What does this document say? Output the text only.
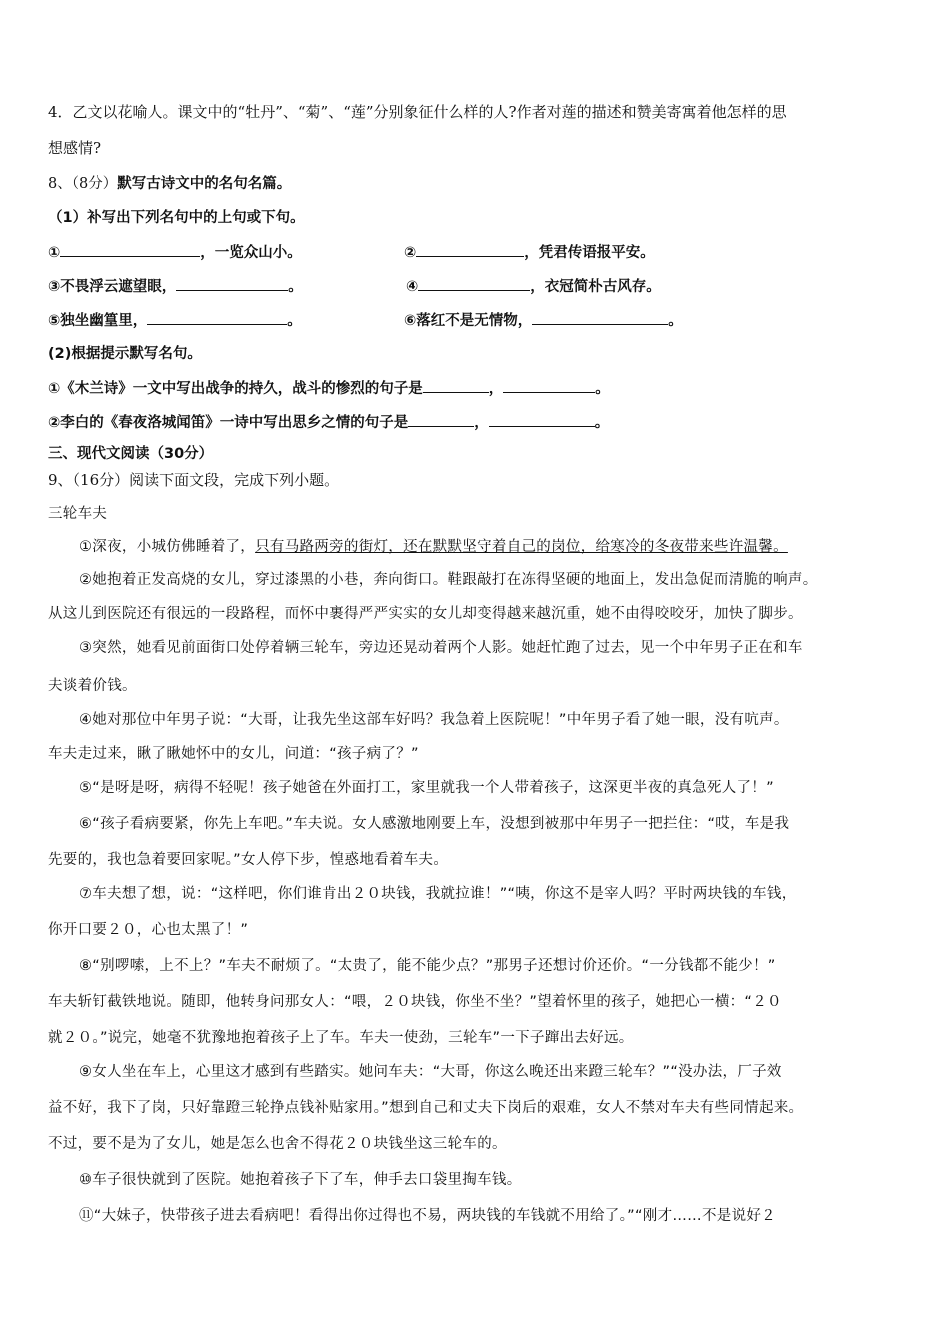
4．乙文以花喻人。课文中的“牡丹”、“菊”、“莲”分别象征什么样的人?作者对莲的描述和赞美寄寓着他怎样的思
想感情?
8、（8分）默写古诗文中的名句名篇。
（1）补写出下列名句中的上句或下句。
①	，一览众山小。	②	，凭君传语报平安。
③不畏浮云遮望眼，	。	④	，衣冠简朴古风存。
⑤独坐幽篁里，	。	⑥落红不是无情物，	。
(2)根据提示默写名句。
①《木兰诗》一文中写出战争的持久，战斗的惨烈的句子是	，	。
②李白的《春夜洛城闻笛》一诗中写出思乡之情的句子是	，	。
三、现代文阅读（30分）
9、（16分）阅读下面文段，完成下列小题。
三轮车夫
①深夜，小城仿佛睡着了，只有马路两旁的街灯，还在默默坚守着自己的岗位，给寒冷的冬夜带来些许温馨。
②她抱着正发高烧的女儿，穿过漆黑的小巷，奔向街口。鞋跟敲打在冻得坚硬的地面上，发出急促而清脆的响声。
从这儿到医院还有很远的一段路程，而怀中裹得严严实实的女儿却变得越来越沉重，她不由得咬咬牙，加快了脚步。
③突然，她看见前面街口处停着辆三轮车，旁边还晃动着两个人影。她赶忙跑了过去，见一个中年男子正在和车
夫谈着价钱。
④她对那位中年男子说：“大哥，让我先坐这部车好吗？我急着上医院呢！”中年男子看了她一眼，没有吭声。
车夫走过来，瞅了瞅她怀中的女儿，问道：“孩子病了？”
⑤“是呀是呀，病得不轻呢！孩子她爸在外面打工，家里就我一个人带着孩子，这深更半夜的真急死人了！”
⑥“孩子看病要紧，你先上车吧。”车夫说。女人感激地刚要上车，没想到被那中年男子一把拦住：“哎，车是我
先要的，我也急着要回家呢。”女人停下步，惶惑地看着车夫。
⑦车夫想了想，说：“这样吧，你们谁肯出２０块钱，我就拉谁！”“咦，你这不是宰人吗？平时两块钱的车钱，
你开口要２０，心也太黑了！”
⑧“别啰嗦，上不上？”车夫不耐烦了。“太贵了，能不能少点？”那男子还想讨价还价。“一分钱都不能少！”
车夫斩钉截铁地说。随即，他转身问那女人：“喂，２０块钱，你坐不坐？”望着怀里的孩子，她把心一横：“２０
就２０。”说完，她毫不犹豫地抱着孩子上了车。车夫一使劲，三轮车”一下子蹿出去好远。
⑨女人坐在车上，心里这才感到有些踏实。她问车夫：“大哥，你这么晚还出来蹬三轮车？”“没办法，厂子效
益不好，我下了岗，只好靠蹬三轮挣点钱补贴家用。”想到自己和丈夫下岗后的艰难，女人不禁对车夫有些同情起来。
不过，要不是为了女儿，她是怎么也舍不得花２０块钱坐这三轮车的。
⑩车子很快就到了医院。她抱着孩子下了车，伸手去口袋里掏车钱。
⑪“大妹子，快带孩子进去看病吧！看得出你过得也不易，两块钱的车钱就不用给了。”“刚才……不是说好２
